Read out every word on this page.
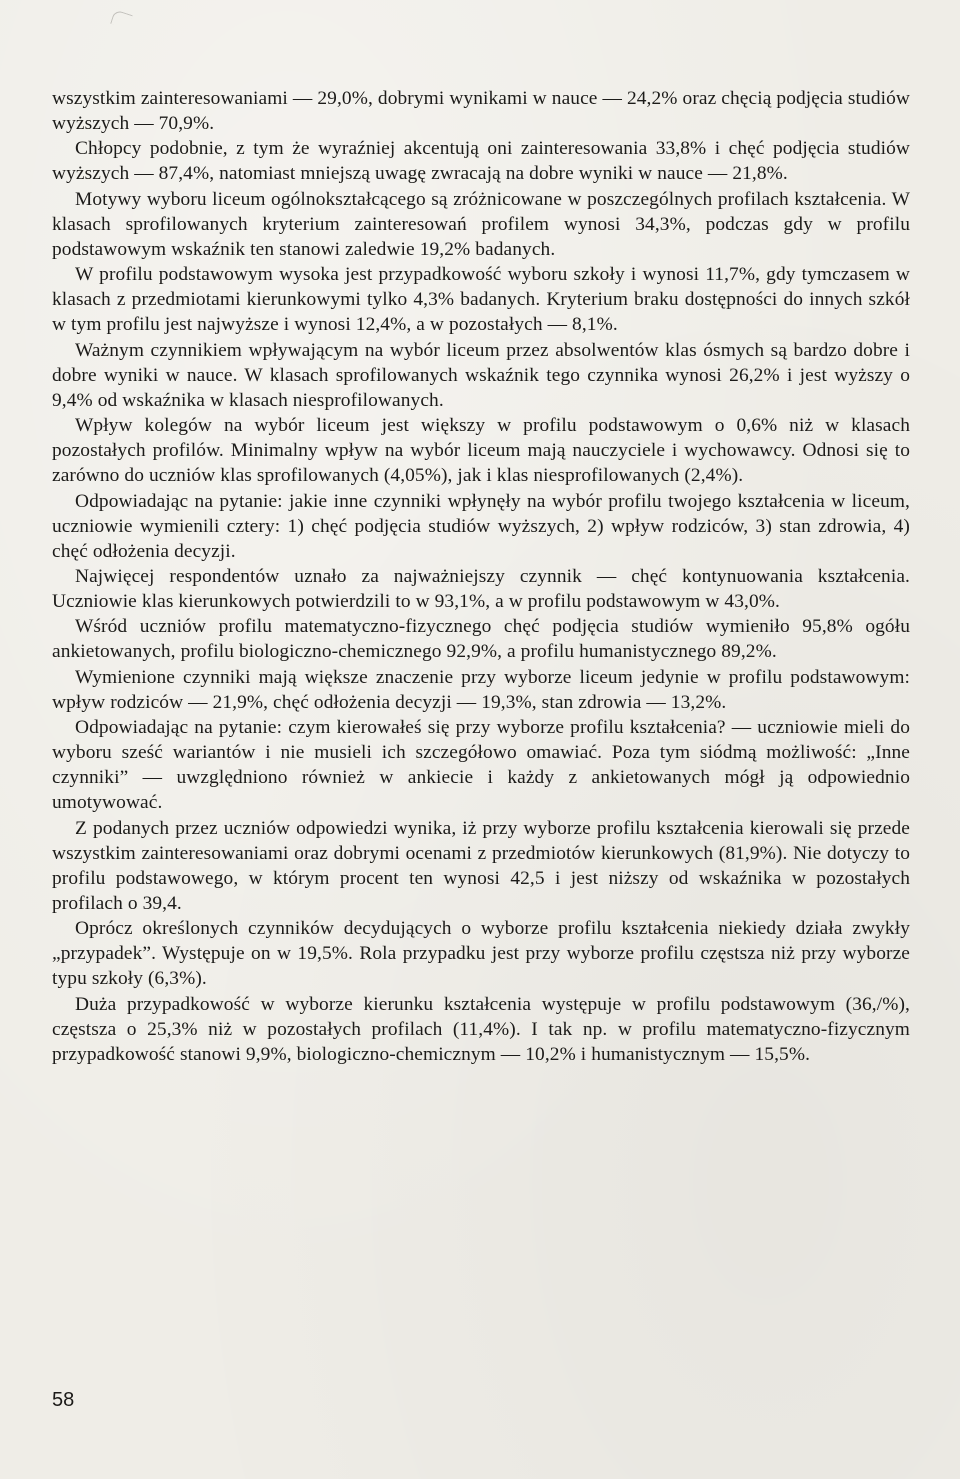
wszystkim zainteresowaniami — 29,0%, dobrymi wynikami w nauce — 24,2% oraz chęcią podjęcia studiów wyższych — 70,9%.

Chłopcy podobnie, z tym że wyraźniej akcentują oni zainteresowania 33,8% i chęć podjęcia studiów wyższych — 87,4%, natomiast mniejszą uwagę zwracają na dobre wyniki w nauce — 21,8%.

Motywy wyboru liceum ogólnokształcącego są zróżnicowane w poszczególnych profilach kształcenia. W klasach sprofilowanych kryterium zainteresowań profilem wynosi 34,3%, podczas gdy w profilu podstawowym wskaźnik ten stanowi zaledwie 19,2% badanych.

W profilu podstawowym wysoka jest przypadkowość wyboru szkoły i wynosi 11,7%, gdy tymczasem w klasach z przedmiotami kierunkowymi tylko 4,3% badanych. Kryterium braku dostępności do innych szkół w tym profilu jest najwyższe i wynosi 12,4%, a w pozostałych — 8,1%.

Ważnym czynnikiem wpływającym na wybór liceum przez absolwentów klas ósmych są bardzo dobre i dobre wyniki w nauce. W klasach sprofilowanych wskaźnik tego czynnika wynosi 26,2% i jest wyższy o 9,4% od wskaźnika w klasach niesprofilowanych.

Wpływ kolegów na wybór liceum jest większy w profilu podstawowym o 0,6% niż w klasach pozostałych profilów. Minimalny wpływ na wybór liceum mają nauczyciele i wychowawcy. Odnosi się to zarówno do uczniów klas sprofilowanych (4,05%), jak i klas niesprofilowanych (2,4%).

Odpowiadając na pytanie: jakie inne czynniki wpłynęły na wybór profilu twojego kształcenia w liceum, uczniowie wymienili cztery: 1) chęć podjęcia studiów wyższych, 2) wpływ rodziców, 3) stan zdrowia, 4) chęć odłożenia decyzji.

Najwięcej respondentów uznało za najważniejszy czynnik — chęć kontynuowania kształcenia. Uczniowie klas kierunkowych potwierdzili to w 93,1%, a w profilu podstawowym w 43,0%.

Wśród uczniów profilu matematyczno-fizycznego chęć podjęcia studiów wymieniło 95,8% ogółu ankietowanych, profilu biologiczno-chemicznego 92,9%, a profilu humanistycznego 89,2%.

Wymienione czynniki mają większe znaczenie przy wyborze liceum jedynie w profilu podstawowym: wpływ rodziców — 21,9%, chęć odłożenia decyzji — 19,3%, stan zdrowia — 13,2%.

Odpowiadając na pytanie: czym kierowałeś się przy wyborze profilu kształcenia? — uczniowie mieli do wyboru sześć wariantów i nie musieli ich szczegółowo omawiać. Poza tym siódmą możliwość: „Inne czynniki” — uwzględniono również w ankiecie i każdy z ankietowanych mógł ją odpowiednio umotywować.

Z podanych przez uczniów odpowiedzi wynika, iż przy wyborze profilu kształcenia kierowali się przede wszystkim zainteresowaniami oraz dobrymi ocenami z przedmiotów kierunkowych (81,9%). Nie dotyczy to profilu podstawowego, w którym procent ten wynosi 42,5 i jest niższy od wskaźnika w pozostałych profilach o 39,4.

Oprócz określonych czynników decydujących o wyborze profilu kształcenia niekiedy działa zwykły „przypadek”. Występuje on w 19,5%. Rola przypadku jest przy wyborze profilu częstsza niż przy wyborze typu szkoły (6,3%).

Duża przypadkowość w wyborze kierunku kształcenia występuje w profilu podstawowym (36,/%), częstsza o 25,3% niż w pozostałych profilach (11,4%). I tak np. w profilu matematyczno-fizycznym przypadkowość stanowi 9,9%, biologiczno-chemicznym — 10,2% i humanistycznym — 15,5%.

58
